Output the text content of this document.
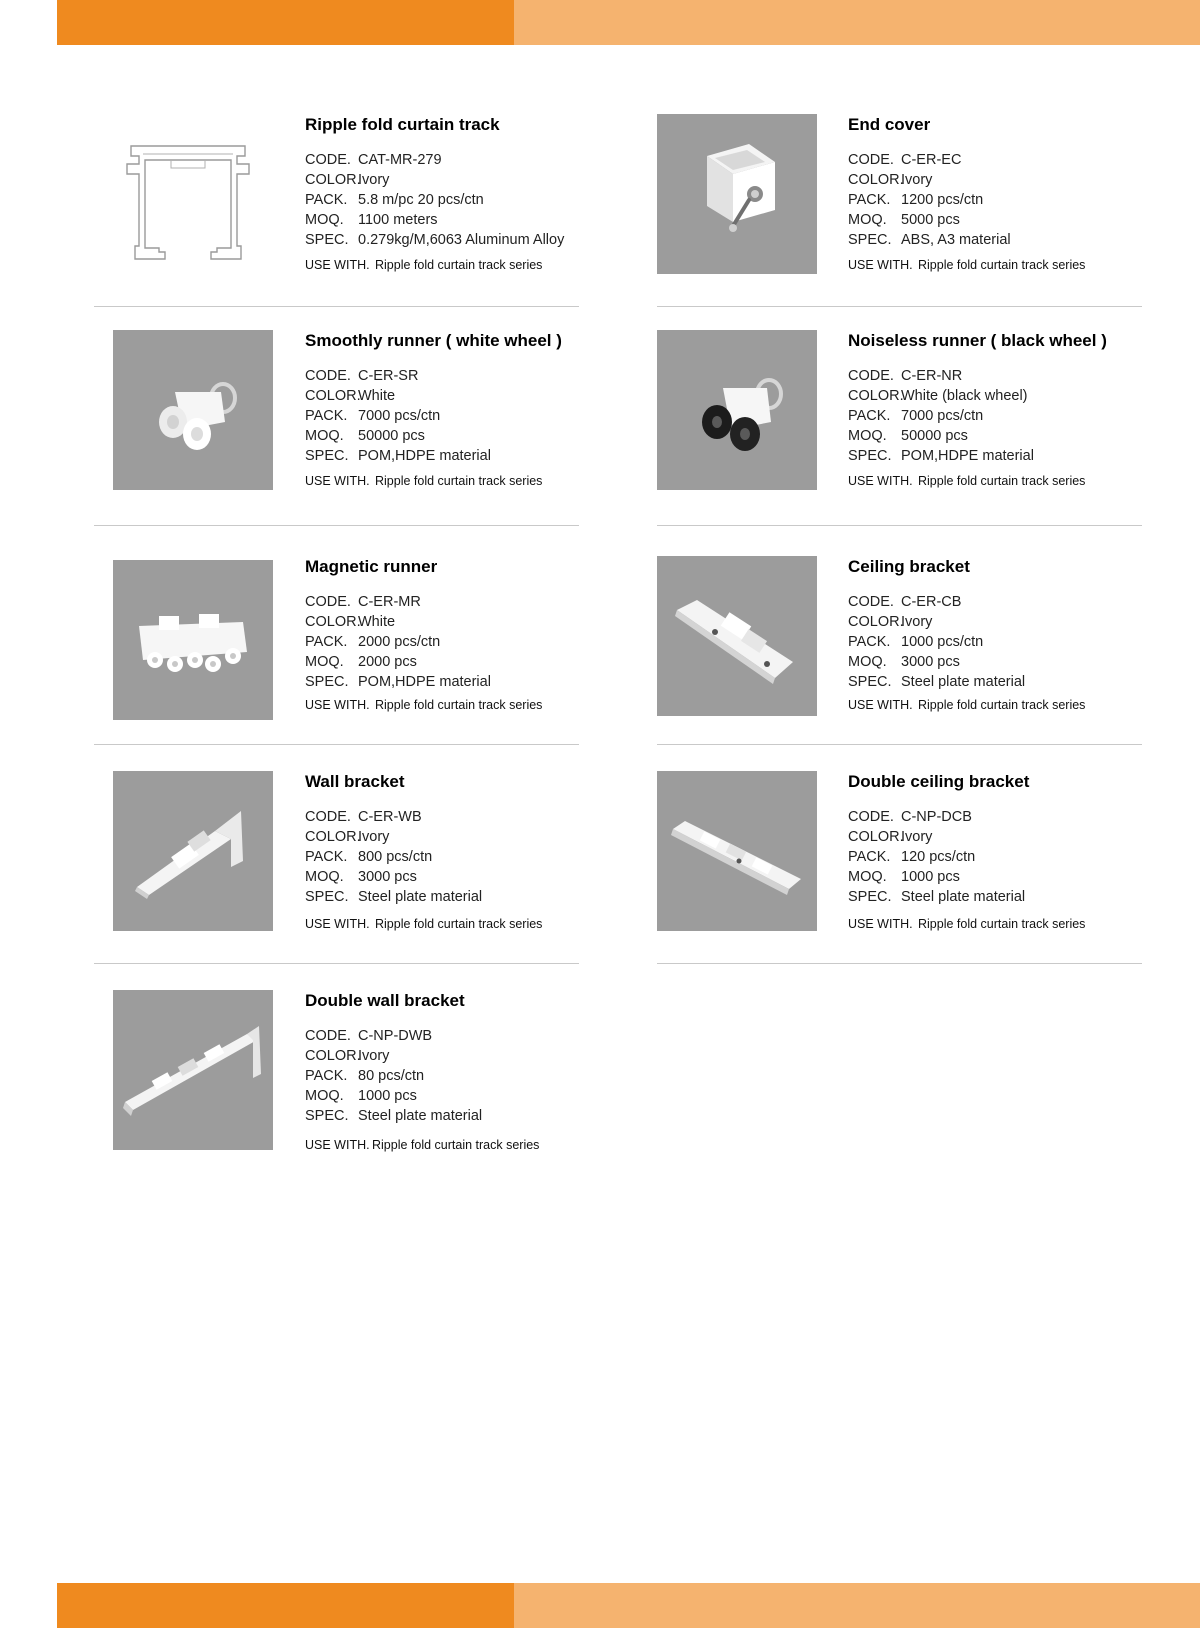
Ripple fold curtain track
CODE. CAT-MR-279
COLOR.Ivory
PACK. 5.8 m/pc 20 pcs/ctn
MOQ. 1100 meters
SPEC. 0.279kg/M,6063 Aluminum Alloy
USE WITH. Ripple fold curtain track series
End cover
CODE. C-ER-EC
COLOR.Ivory
PACK. 1200 pcs/ctn
MOQ. 5000 pcs
SPEC. ABS, A3 material
USE WITH. Ripple fold curtain track series
Smoothly runner ( white wheel )
CODE. C-ER-SR
COLOR.White
PACK. 7000 pcs/ctn
MOQ. 50000 pcs
SPEC. POM,HDPE material
USE WITH. Ripple fold curtain track series
Noiseless runner ( black wheel )
CODE. C-ER-NR
COLOR.White (black wheel)
PACK. 7000 pcs/ctn
MOQ. 50000 pcs
SPEC. POM,HDPE material
USE WITH. Ripple fold curtain track series
Magnetic runner
CODE. C-ER-MR
COLOR.White
PACK. 2000 pcs/ctn
MOQ. 2000 pcs
SPEC. POM,HDPE material
USE WITH. Ripple fold curtain track series
Ceiling bracket
CODE. C-ER-CB
COLOR.Ivory
PACK. 1000 pcs/ctn
MOQ. 3000 pcs
SPEC. Steel plate material
USE WITH. Ripple fold curtain track series
Wall bracket
CODE. C-ER-WB
COLOR.Ivory
PACK. 800 pcs/ctn
MOQ. 3000 pcs
SPEC. Steel plate material
USE WITH. Ripple fold curtain track series
Double ceiling bracket
CODE. C-NP-DCB
COLOR.Ivory
PACK. 120 pcs/ctn
MOQ. 1000 pcs
SPEC. Steel plate material
USE WITH. Ripple fold curtain track series
Double wall bracket
CODE. C-NP-DWB
COLOR.Ivory
PACK. 80 pcs/ctn
MOQ. 1000 pcs
SPEC. Steel plate material
USE WITH. Ripple fold curtain track series
